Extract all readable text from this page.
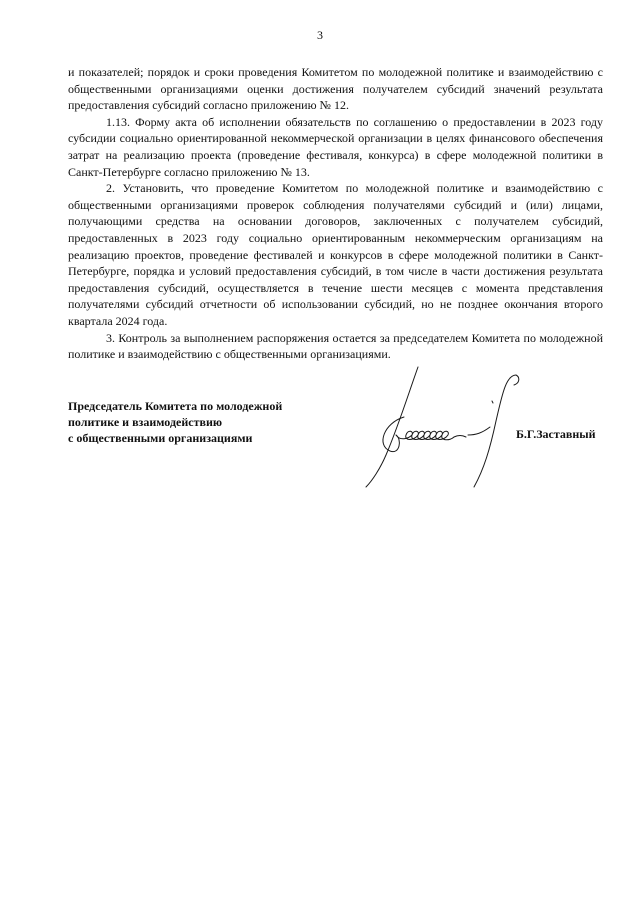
3

и показателей; порядок и сроки проведения Комитетом по молодежной политике и взаимодействию с общественными организациями оценки достижения получателем субсидий значений результата предоставления субсидий согласно приложению № 12.

1.13. Форму акта об исполнении обязательств по соглашению о предоставлении в 2023 году субсидии социально ориентированной некоммерческой организации в целях финансового обеспечения затрат на реализацию проекта (проведение фестиваля, конкурса) в сфере молодежной политики в Санкт-Петербурге согласно приложению № 13.

2. Установить, что проведение Комитетом по молодежной политике и взаимодействию с общественными организациями проверок соблюдения получателями субсидий и (или) лицами, получающими средства на основании договоров, заключенных с получателем субсидий, предоставленных в 2023 году социально ориентированным некоммерческим организациям на реализацию проектов, проведение фестивалей и конкурсов в сфере молодежной политики в Санкт-Петербурге, порядка и условий предоставления субсидий, в том числе в части достижения результата предоставления субсидий, осуществляется в течение шести месяцев с момента представления получателями субсидий отчетности об использовании субсидий, но не позднее окончания второго квартала 2024 года.

3. Контроль за выполнением распоряжения остается за председателем Комитета по молодежной политике и взаимодействию с общественными организациями.

Председатель Комитета по молодежной
политике и взаимодействию
с общественными организациями	Б.Г.Заставный
